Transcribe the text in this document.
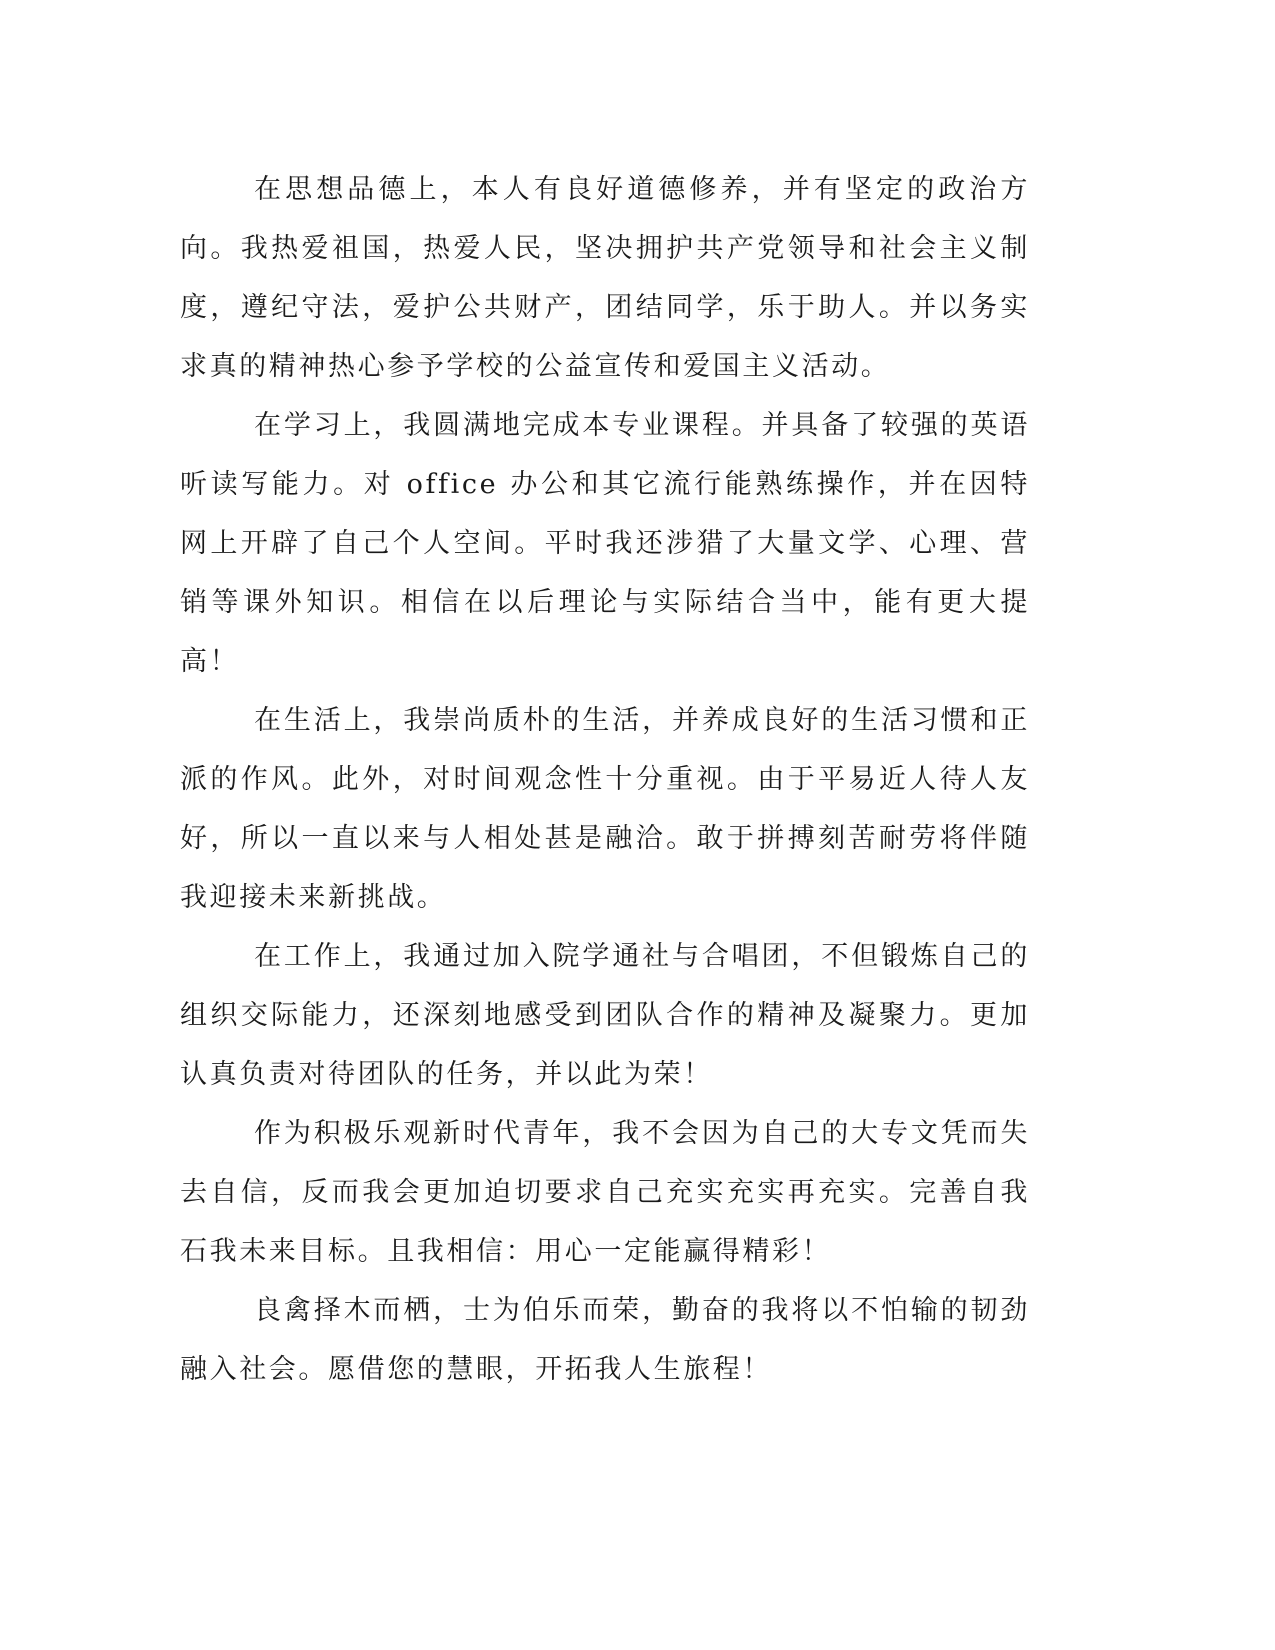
在思想品德上，本人有良好道德修养，并有坚定的政治方向。我热爱祖国，热爱人民，坚决拥护共产党领导和社会主义制度，遵纪守法，爱护公共财产，团结同学，乐于助人。并以务实求真的精神热心参予学校的公益宣传和爱国主义活动。

在学习上，我圆满地完成本专业课程。并具备了较强的英语听读写能力。对 office 办公和其它流行能熟练操作，并在因特网上开辟了自己个人空间。平时我还涉猎了大量文学、心理、营销等课外知识。相信在以后理论与实际结合当中，能有更大提高！

在生活上，我崇尚质朴的生活，并养成良好的生活习惯和正派的作风。此外，对时间观念性十分重视。由于平易近人待人友好，所以一直以来与人相处甚是融洽。敢于拼搏刻苦耐劳将伴随我迎接未来新挑战。

在工作上，我通过加入院学通社与合唱团，不但锻炼自己的组织交际能力，还深刻地感受到团队合作的精神及凝聚力。更加认真负责对待团队的任务，并以此为荣！

作为积极乐观新时代青年，我不会因为自己的大专文凭而失去自信，反而我会更加迫切要求自己充实充实再充实。完善自我石我未来目标。且我相信：用心一定能赢得精彩！

良禽择木而栖，士为伯乐而荣，勤奋的我将以不怕输的韧劲融入社会。愿借您的慧眼，开拓我人生旅程！
